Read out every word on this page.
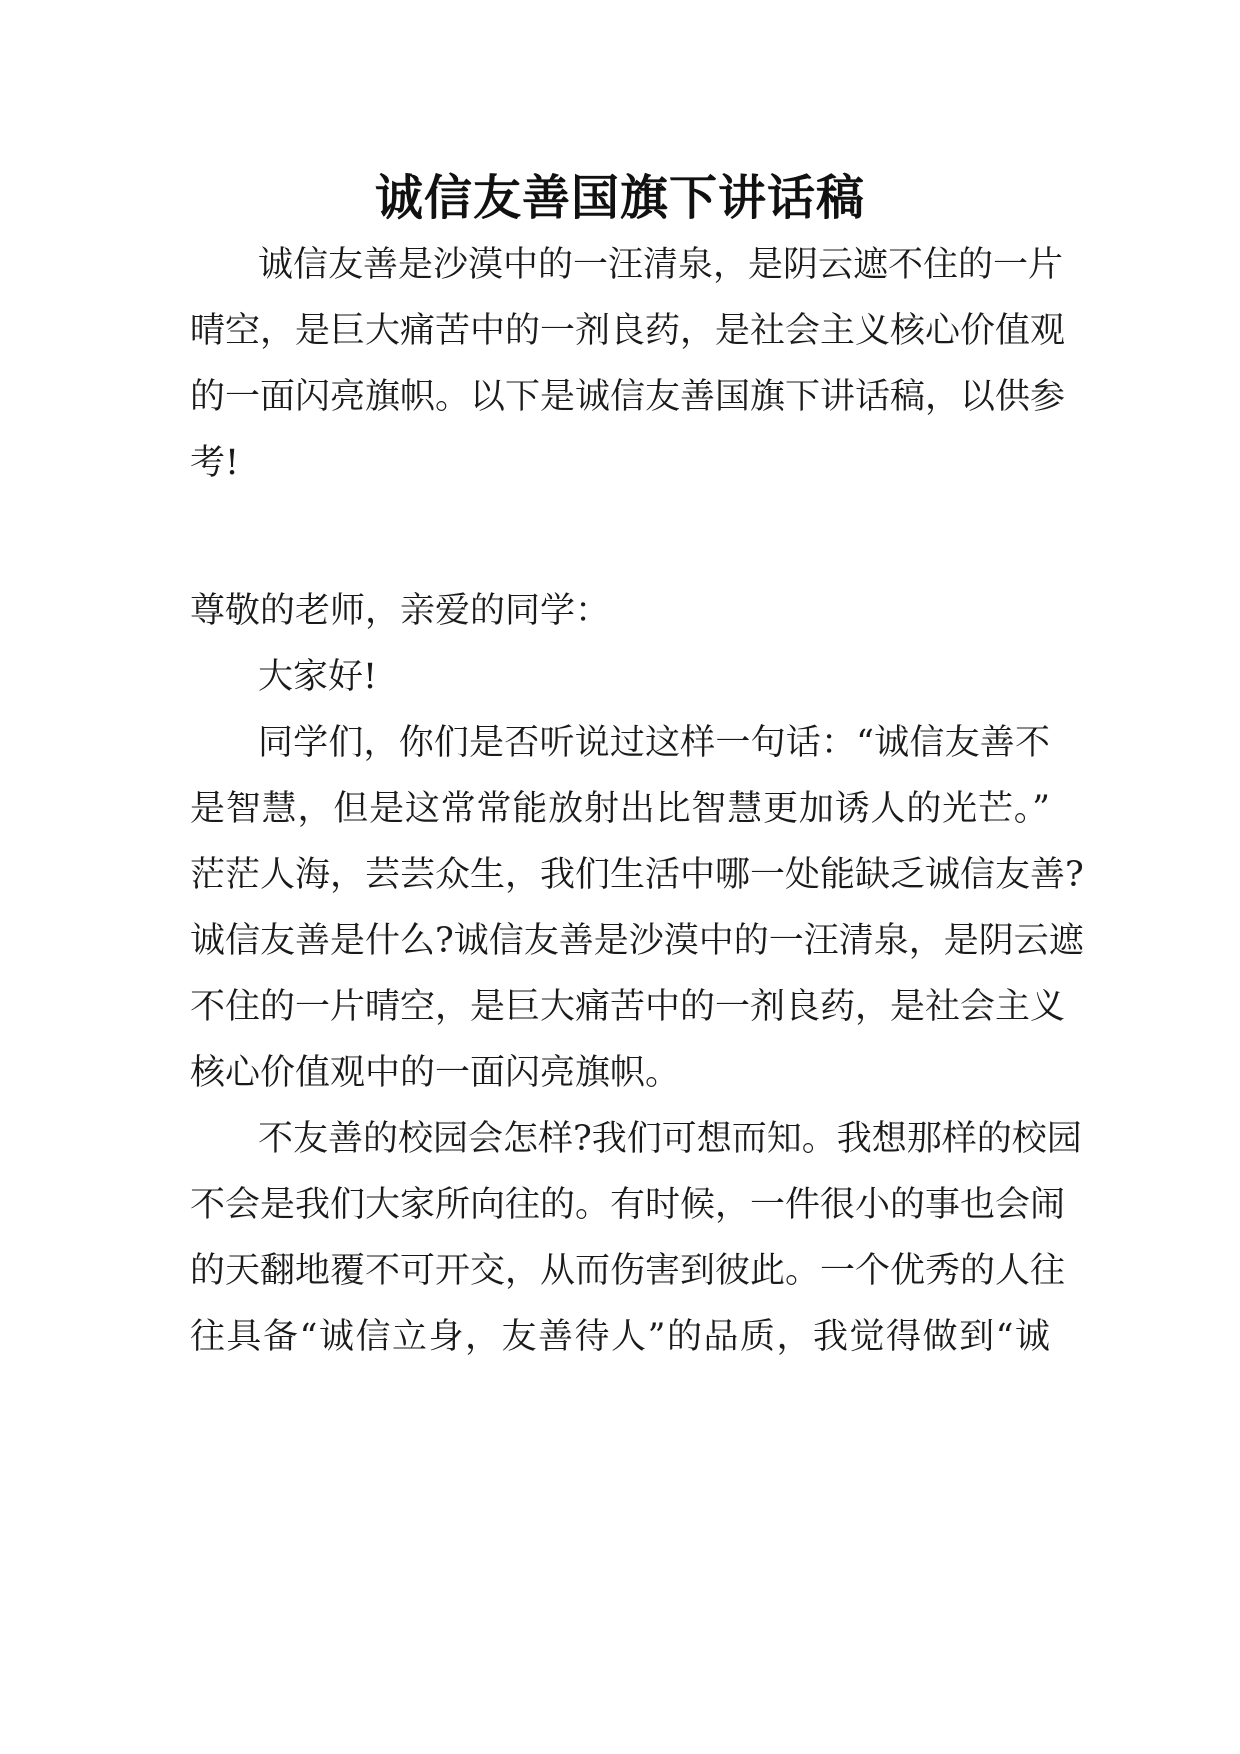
诚信友善国旗下讲话稿

诚信友善是沙漠中的一汪清泉，是阴云遮不住的一片

晴空，是巨大痛苦中的一剂良药，是社会主义核心价值观

的一面闪亮旗帜。以下是诚信友善国旗下讲话稿，以供参

考!

尊敬的老师，亲爱的同学：

大家好!

同学们，你们是否听说过这样一句话：“诚信友善不

是智慧，但是这常常能放射出比智慧更加诱人的光芒。”

茫茫人海，芸芸众生，我们生活中哪一处能缺乏诚信友善?

诚信友善是什么?诚信友善是沙漠中的一汪清泉，是阴云遮

不住的一片晴空，是巨大痛苦中的一剂良药，是社会主义

核心价值观中的一面闪亮旗帜。

不友善的校园会怎样?我们可想而知。我想那样的校园

不会是我们大家所向往的。有时候，一件很小的事也会闹

的天翻地覆不可开交，从而伤害到彼此。一个优秀的人往

往具备“诚信立身，友善待人”的品质，我觉得做到“诚
